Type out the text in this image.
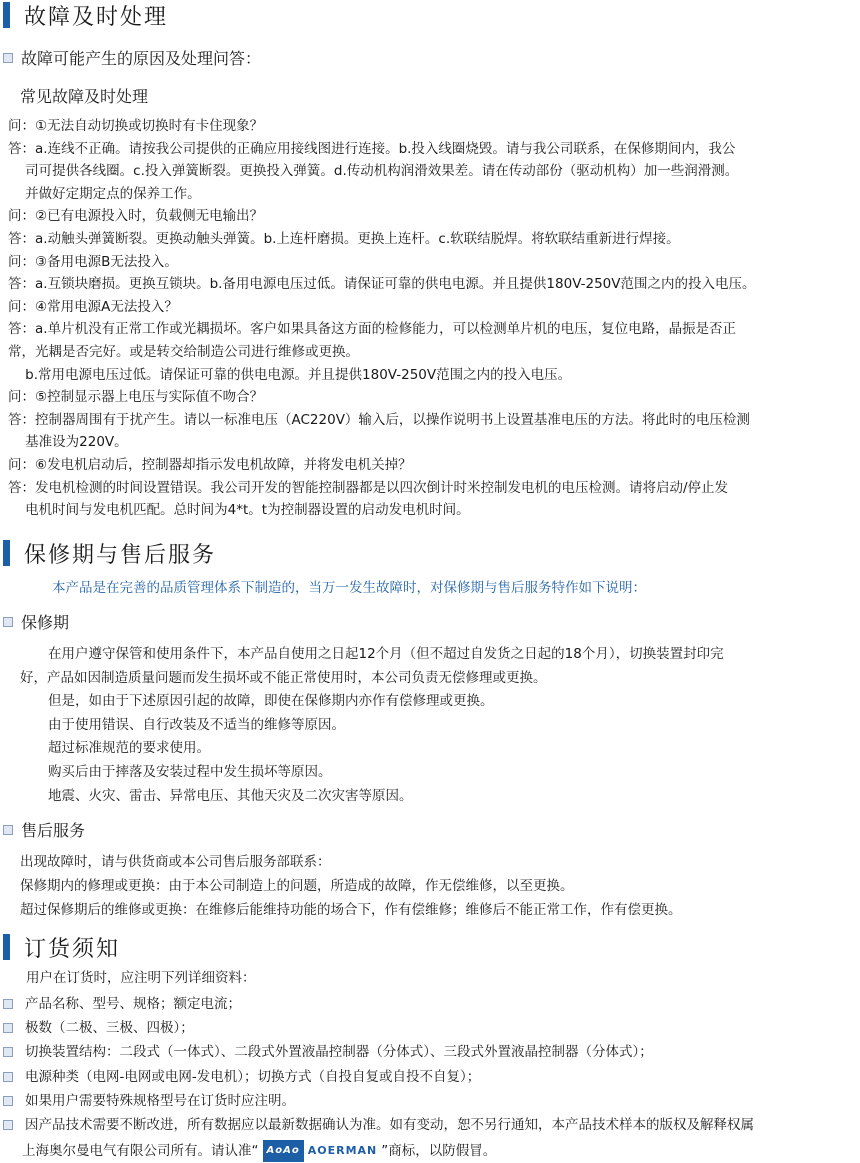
故障及时处理
故障可能产生的原因及处理问答：
常见故障及时处理
问：①无法自动切换或切换时有卡住现象？
答：a.连线不正确。请按我公司提供的正确应用接线图进行连接。b.投入线圈烧毁。请与我公司联系，在保修期间内，我公
司可提供各线圈。c.投入弹簧断裂。更换投入弹簧。d.传动机构润滑效果差。请在传动部份（驱动机构）加一些润滑测。
并做好定期定点的保养工作。
问：②已有电源投入时，负载侧无电输出？
答：a.动触头弹簧断裂。更换动触头弹簧。b.上连杆磨损。更换上连杆。c.软联结脱焊。将软联结重新进行焊接。
问：③备用电源B无法投入。
答：a.互锁块磨损。更换互锁块。b.备用电源电压过低。请保证可靠的供电电源。并且提供180V-250V范围之内的投入电压。
问：④常用电源A无法投入？
答：a.单片机没有正常工作或光耦损坏。客户如果具备这方面的检修能力，可以检测单片机的电压，复位电路，晶振是否正
常，光耦是否完好。或是转交给制造公司进行维修或更换。
b.常用电源电压过低。请保证可靠的供电电源。并且提供180V-250V范围之内的投入电压。
问：⑤控制显示器上电压与实际值不吻合？
答：控制器周围有于扰产生。请以一标准电压（AC220V）输入后，以操作说明书上设置基准电压的方法。将此时的电压检测
基准设为220V。
问：⑥发电机启动后，控制器却指示发电机故障，并将发电机关掉？
答：发电机检测的时间设置错误。我公司开发的智能控制器都是以四次倒计时米控制发电机的电压检测。请将启动/停止发
电机时间与发电机匹配。总时间为4*t。t为控制器设置的启动发电机时间。
保修期与售后服务
本产品是在完善的品质管理体系下制造的，当万一发生故障时，对保修期与售后服务特作如下说明：
保修期
在用户遵守保管和使用条件下，本产品自使用之日起12个月（但不超过自发货之日起的18个月），切换装置封印完
好，产品如因制造质量问题而发生损坏或不能正常使用时，本公司负责无偿修理或更换。
但是，如由于下述原因引起的故障，即使在保修期内亦作有偿修理或更换。
由于使用错误、自行改装及不适当的维修等原因。
超过标准规范的要求使用。
购买后由于摔落及安装过程中发生损坏等原因。
地震、火灾、雷击、异常电压、其他天灾及二次灾害等原因。
售后服务
出现故障时，请与供货商或本公司售后服务部联系：
保修期内的修理或更换：由于本公司制造上的问题，所造成的故障，作无偿维修，以至更换。
超过保修期后的维修或更换：在维修后能维持功能的场合下，作有偿维修；维修后不能正常工作，作有偿更换。
订货须知
用户在订货时，应注明下列详细资料：
产品名称、型号、规格；额定电流；
极数（二极、三极、四极）；
切换装置结构：二段式（一体式）、二段式外置液晶控制器（分体式）、三段式外置液晶控制器（分体式）；
电源种类（电网-电网或电网-发电机）；切换方式（自投自复或自投不自复）；
如果用户需要特殊规格型号在订货时应注明。
因产品技术需要不断改进，所有数据应以最新数据确认为准。如有变动，恕不另行通知，本产品技术样本的版权及解释权属
上海奥尔曼电气有限公司所有。请认准“ AoAo AOERMAN ”商标，以防假冒。
